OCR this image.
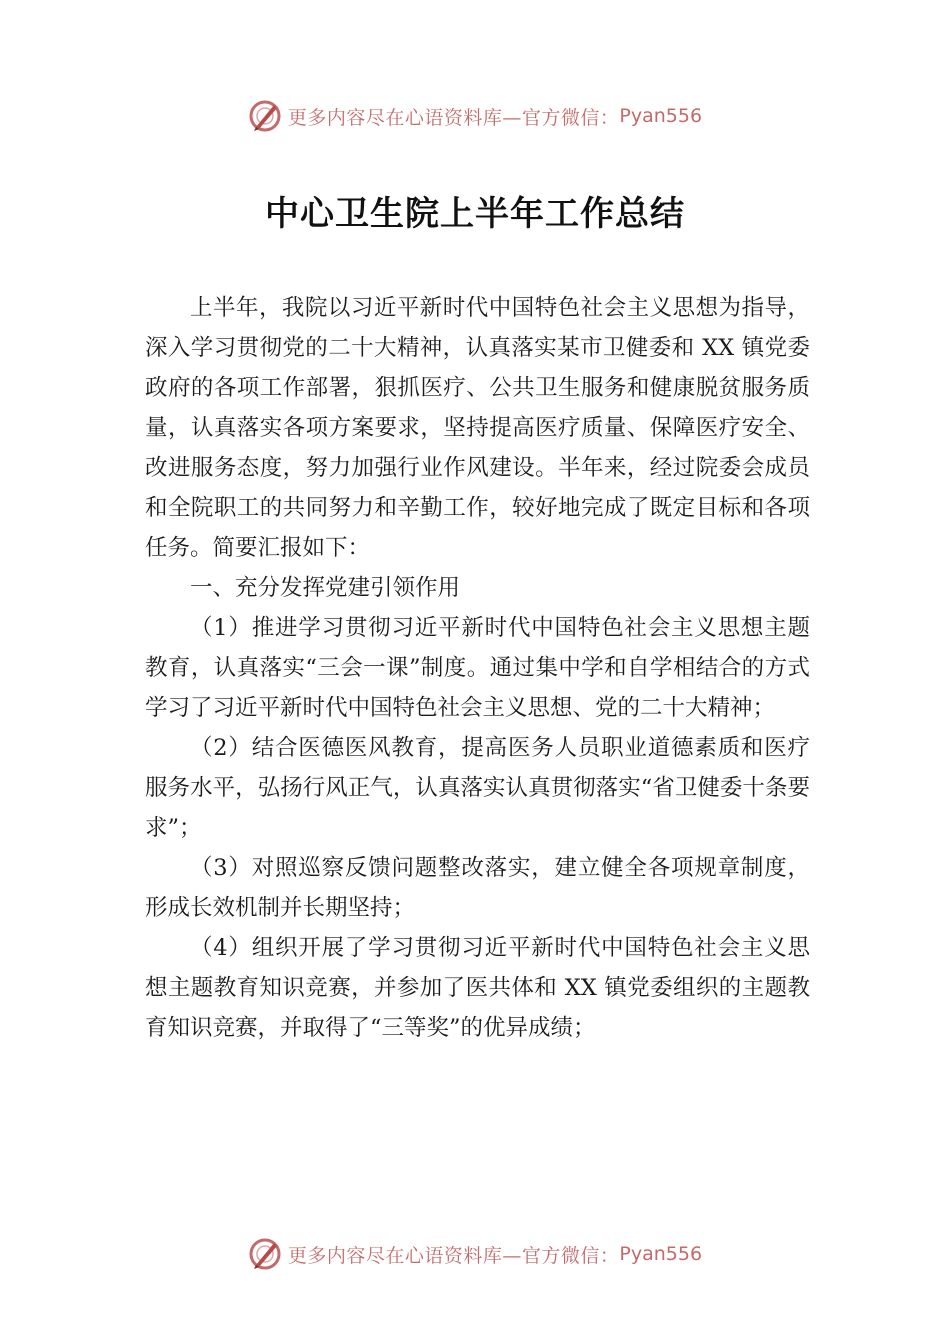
更多内容尽在心语资料库—官方微信： Pyan556
中心卫生院上半年工作总结

上半年，我院以习近平新时代中国特色社会主义思想为指导，深入学习贯彻党的二十大精神，认真落实某市卫健委和 XX 镇党委政府的各项工作部署，狠抓医疗、公共卫生服务和健康脱贫服务质量，认真落实各项方案要求，坚持提高医疗质量、保障医疗安全、改进服务态度，努力加强行业作风建设。半年来，经过院委会成员和全院职工的共同努力和辛勤工作，较好地完成了既定目标和各项任务。简要汇报如下：

一、充分发挥党建引领作用

（1）推进学习贯彻习近平新时代中国特色社会主义思想主题教育，认真落实“三会一课”制度。通过集中学和自学相结合的方式学习了习近平新时代中国特色社会主义思想、党的二十大精神；

（2）结合医德医风教育，提高医务人员职业道德素质和医疗服务水平，弘扬行风正气，认真落实认真贯彻落实“省卫健委十条要求”；

（3）对照巡察反馈问题整改落实，建立健全各项规章制度，形成长效机制并长期坚持；

（4）组织开展了学习贯彻习近平新时代中国特色社会主义思想主题教育知识竞赛，并参加了医共体和 XX 镇党委组织的主题教育知识竞赛，并取得了“三等奖”的优异成绩；

更多内容尽在心语资料库—官方微信： Pyan556
